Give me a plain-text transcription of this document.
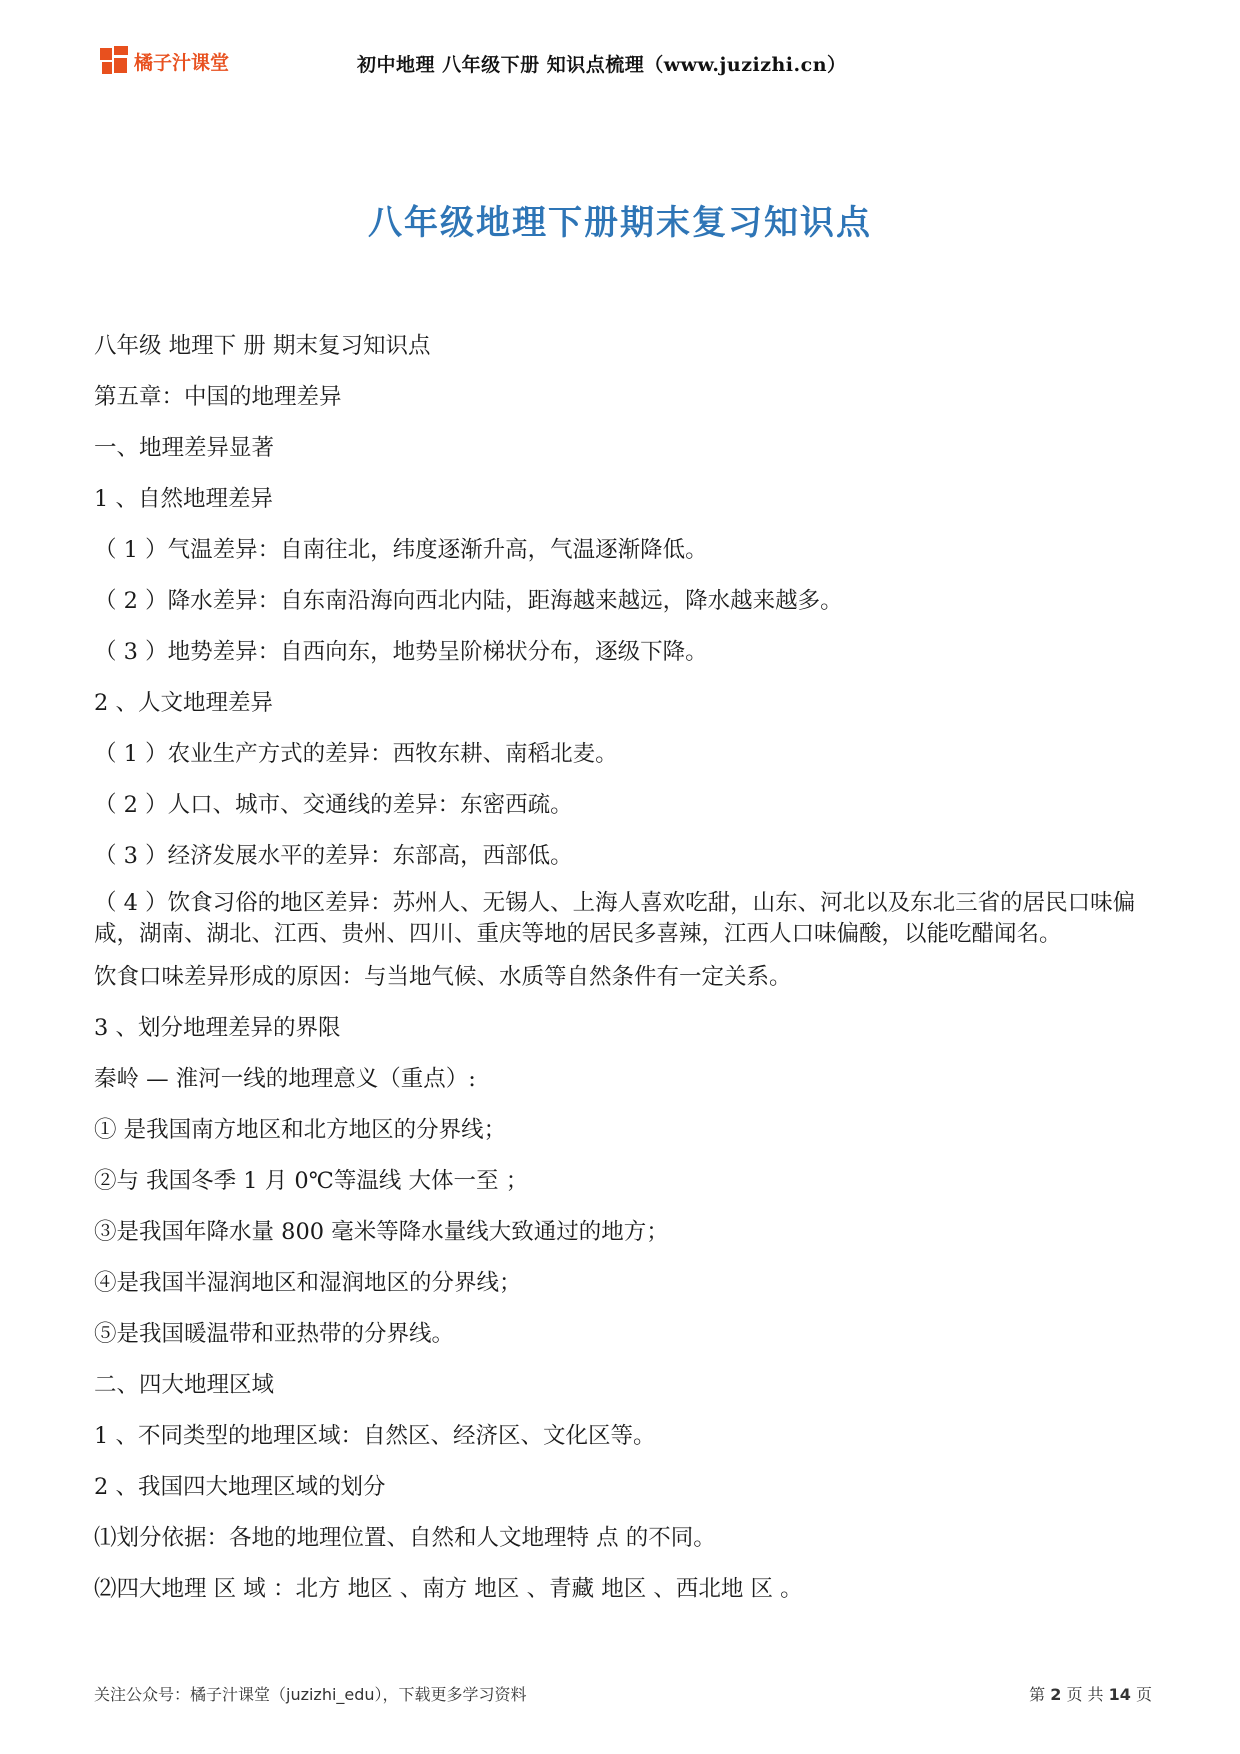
橘子汁课堂	初中地理 八年级下册 知识点梳理（www.juzizhi.cn）
八年级地理下册期末复习知识点

八年级 地理下 册 期末复习知识点

第五章：中国的地理差异

一、地理差异显著

1 、自然地理差异

（ 1 ）气温差异：自南往北，纬度逐渐升高，气温逐渐降低。

（ 2 ）降水差异：自东南沿海向西北内陆，距海越来越远，降水越来越多。

（ 3 ）地势差异：自西向东，地势呈阶梯状分布，逐级下降。

2 、人文地理差异

（ 1 ）农业生产方式的差异：西牧东耕、南稻北麦。

（ 2 ）人口、城市、交通线的差异：东密西疏。

（ 3 ）经济发展水平的差异：东部高，西部低。

（ 4 ）饮食习俗的地区差异：苏州人、无锡人、上海人喜欢吃甜，山东、河北以及东北三省的居民口味偏咸，湖南、湖北、江西、贵州、四川、重庆等地的居民多喜辣，江西人口味偏酸，以能吃醋闻名。

饮食口味差异形成的原因：与当地气候、水质等自然条件有一定关系。

3 、划分地理差异的界限

秦岭 — 淮河一线的地理意义（重点）:

① 是我国南方地区和北方地区的分界线；

②与 我国冬季 1 月 0℃等温线 大体一至 ；

③是我国年降水量 800 毫米等降水量线大致通过的地方；

④是我国半湿润地区和湿润地区的分界线；

⑤是我国暖温带和亚热带的分界线。

二、四大地理区域

1 、不同类型的地理区域：自然区、经济区、文化区等。

2 、我国四大地理区域的划分

⑴划分依据：各地的地理位置、自然和人文地理特 点 的不同。

⑵四大地理 区 域 ：北方 地区 、南方 地区 、青藏 地区 、西北地 区 。

关注公众号：橘子汁课堂（juzizhi_edu），下载更多学习资料	第 2 页 共 14 页
